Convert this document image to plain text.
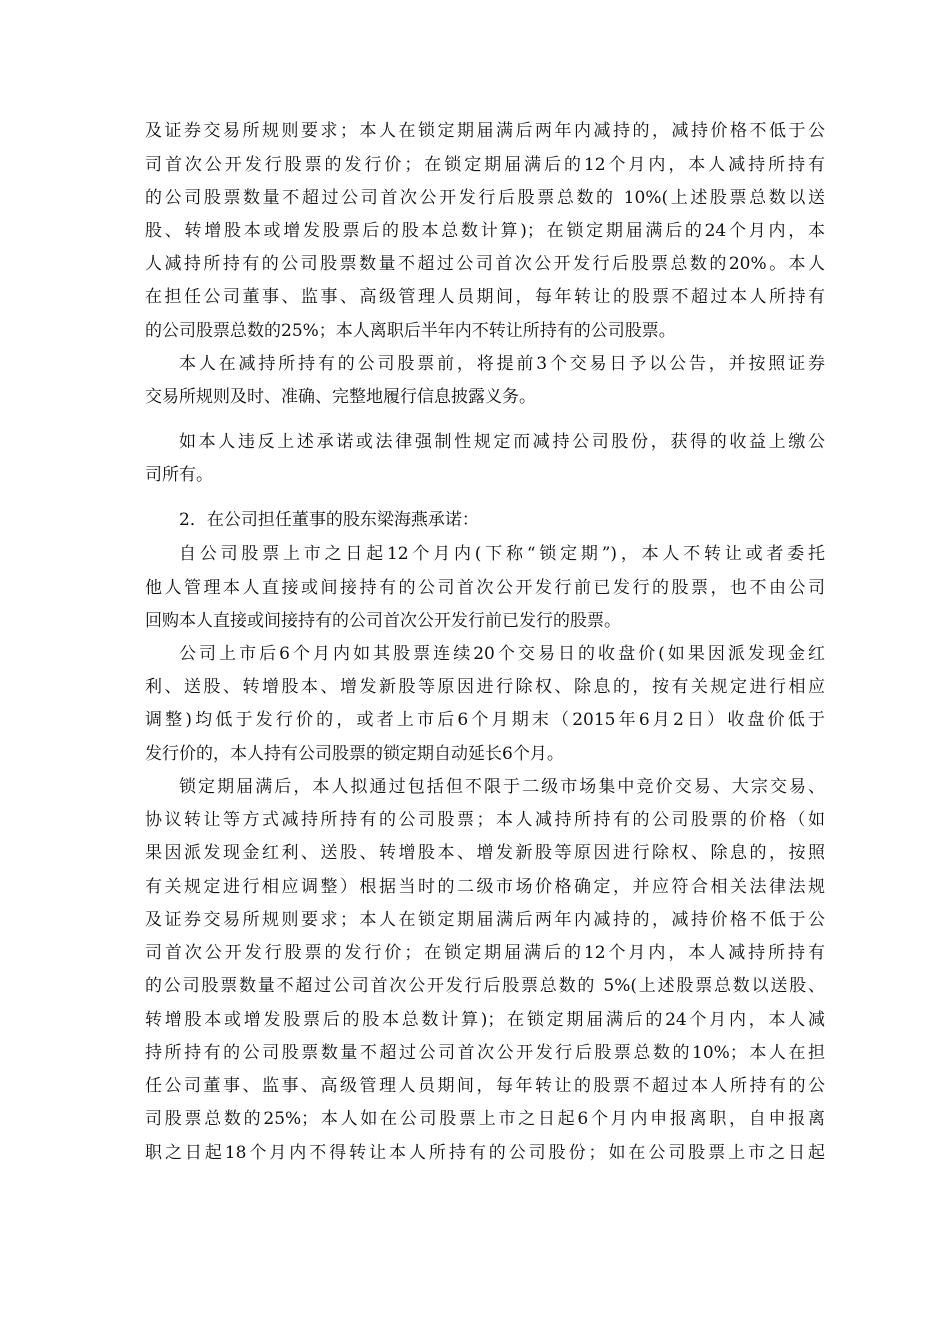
及证券交易所规则要求；本人在锁定期届满后两年内减持的，减持价格不低于公
司首次公开发行股票的发行价；在锁定期届满后的12个月内，本人减持所持有
的公司股票数量不超过公司首次公开发行后股票总数的 10%(上述股票总数以送
股、转增股本或增发股票后的股本总数计算)；在锁定期届满后的24个月内，本
人减持所持有的公司股票数量不超过公司首次公开发行后股票总数的20%。本人
在担任公司董事、监事、高级管理人员期间，每年转让的股票不超过本人所持有
的公司股票总数的25%；本人离职后半年内不转让所持有的公司股票。
本人在减持所持有的公司股票前，将提前3个交易日予以公告，并按照证券
交易所规则及时、准确、完整地履行信息披露义务。
如本人违反上述承诺或法律强制性规定而减持公司股份，获得的收益上缴公
司所有。
2．在公司担任董事的股东梁海燕承诺：
自公司股票上市之日起12个月内(下称“锁定期”)，本人不转让或者委托
他人管理本人直接或间接持有的公司首次公开发行前已发行的股票，也不由公司
回购本人直接或间接持有的公司首次公开发行前已发行的股票。
公司上市后6个月内如其股票连续20个交易日的收盘价(如果因派发现金红
利、送股、转增股本、增发新股等原因进行除权、除息的，按有关规定进行相应
调整)均低于发行价的，或者上市后6个月期末（2015年6月2日）收盘价低于
发行价的，本人持有公司股票的锁定期自动延长6个月。
锁定期届满后，本人拟通过包括但不限于二级市场集中竞价交易、大宗交易、
协议转让等方式减持所持有的公司股票；本人减持所持有的公司股票的价格（如
果因派发现金红利、送股、转增股本、增发新股等原因进行除权、除息的，按照
有关规定进行相应调整）根据当时的二级市场价格确定，并应符合相关法律法规
及证券交易所规则要求；本人在锁定期届满后两年内减持的，减持价格不低于公
司首次公开发行股票的发行价；在锁定期届满后的12个月内，本人减持所持有
的公司股票数量不超过公司首次公开发行后股票总数的 5%(上述股票总数以送股、
转增股本或增发股票后的股本总数计算)；在锁定期届满后的24个月内，本人减
持所持有的公司股票数量不超过公司首次公开发行后股票总数的10%；本人在担
任公司董事、监事、高级管理人员期间，每年转让的股票不超过本人所持有的公
司股票总数的25%；本人如在公司股票上市之日起6个月内申报离职，自申报离
职之日起18个月内不得转让本人所持有的公司股份；如在公司股票上市之日起
